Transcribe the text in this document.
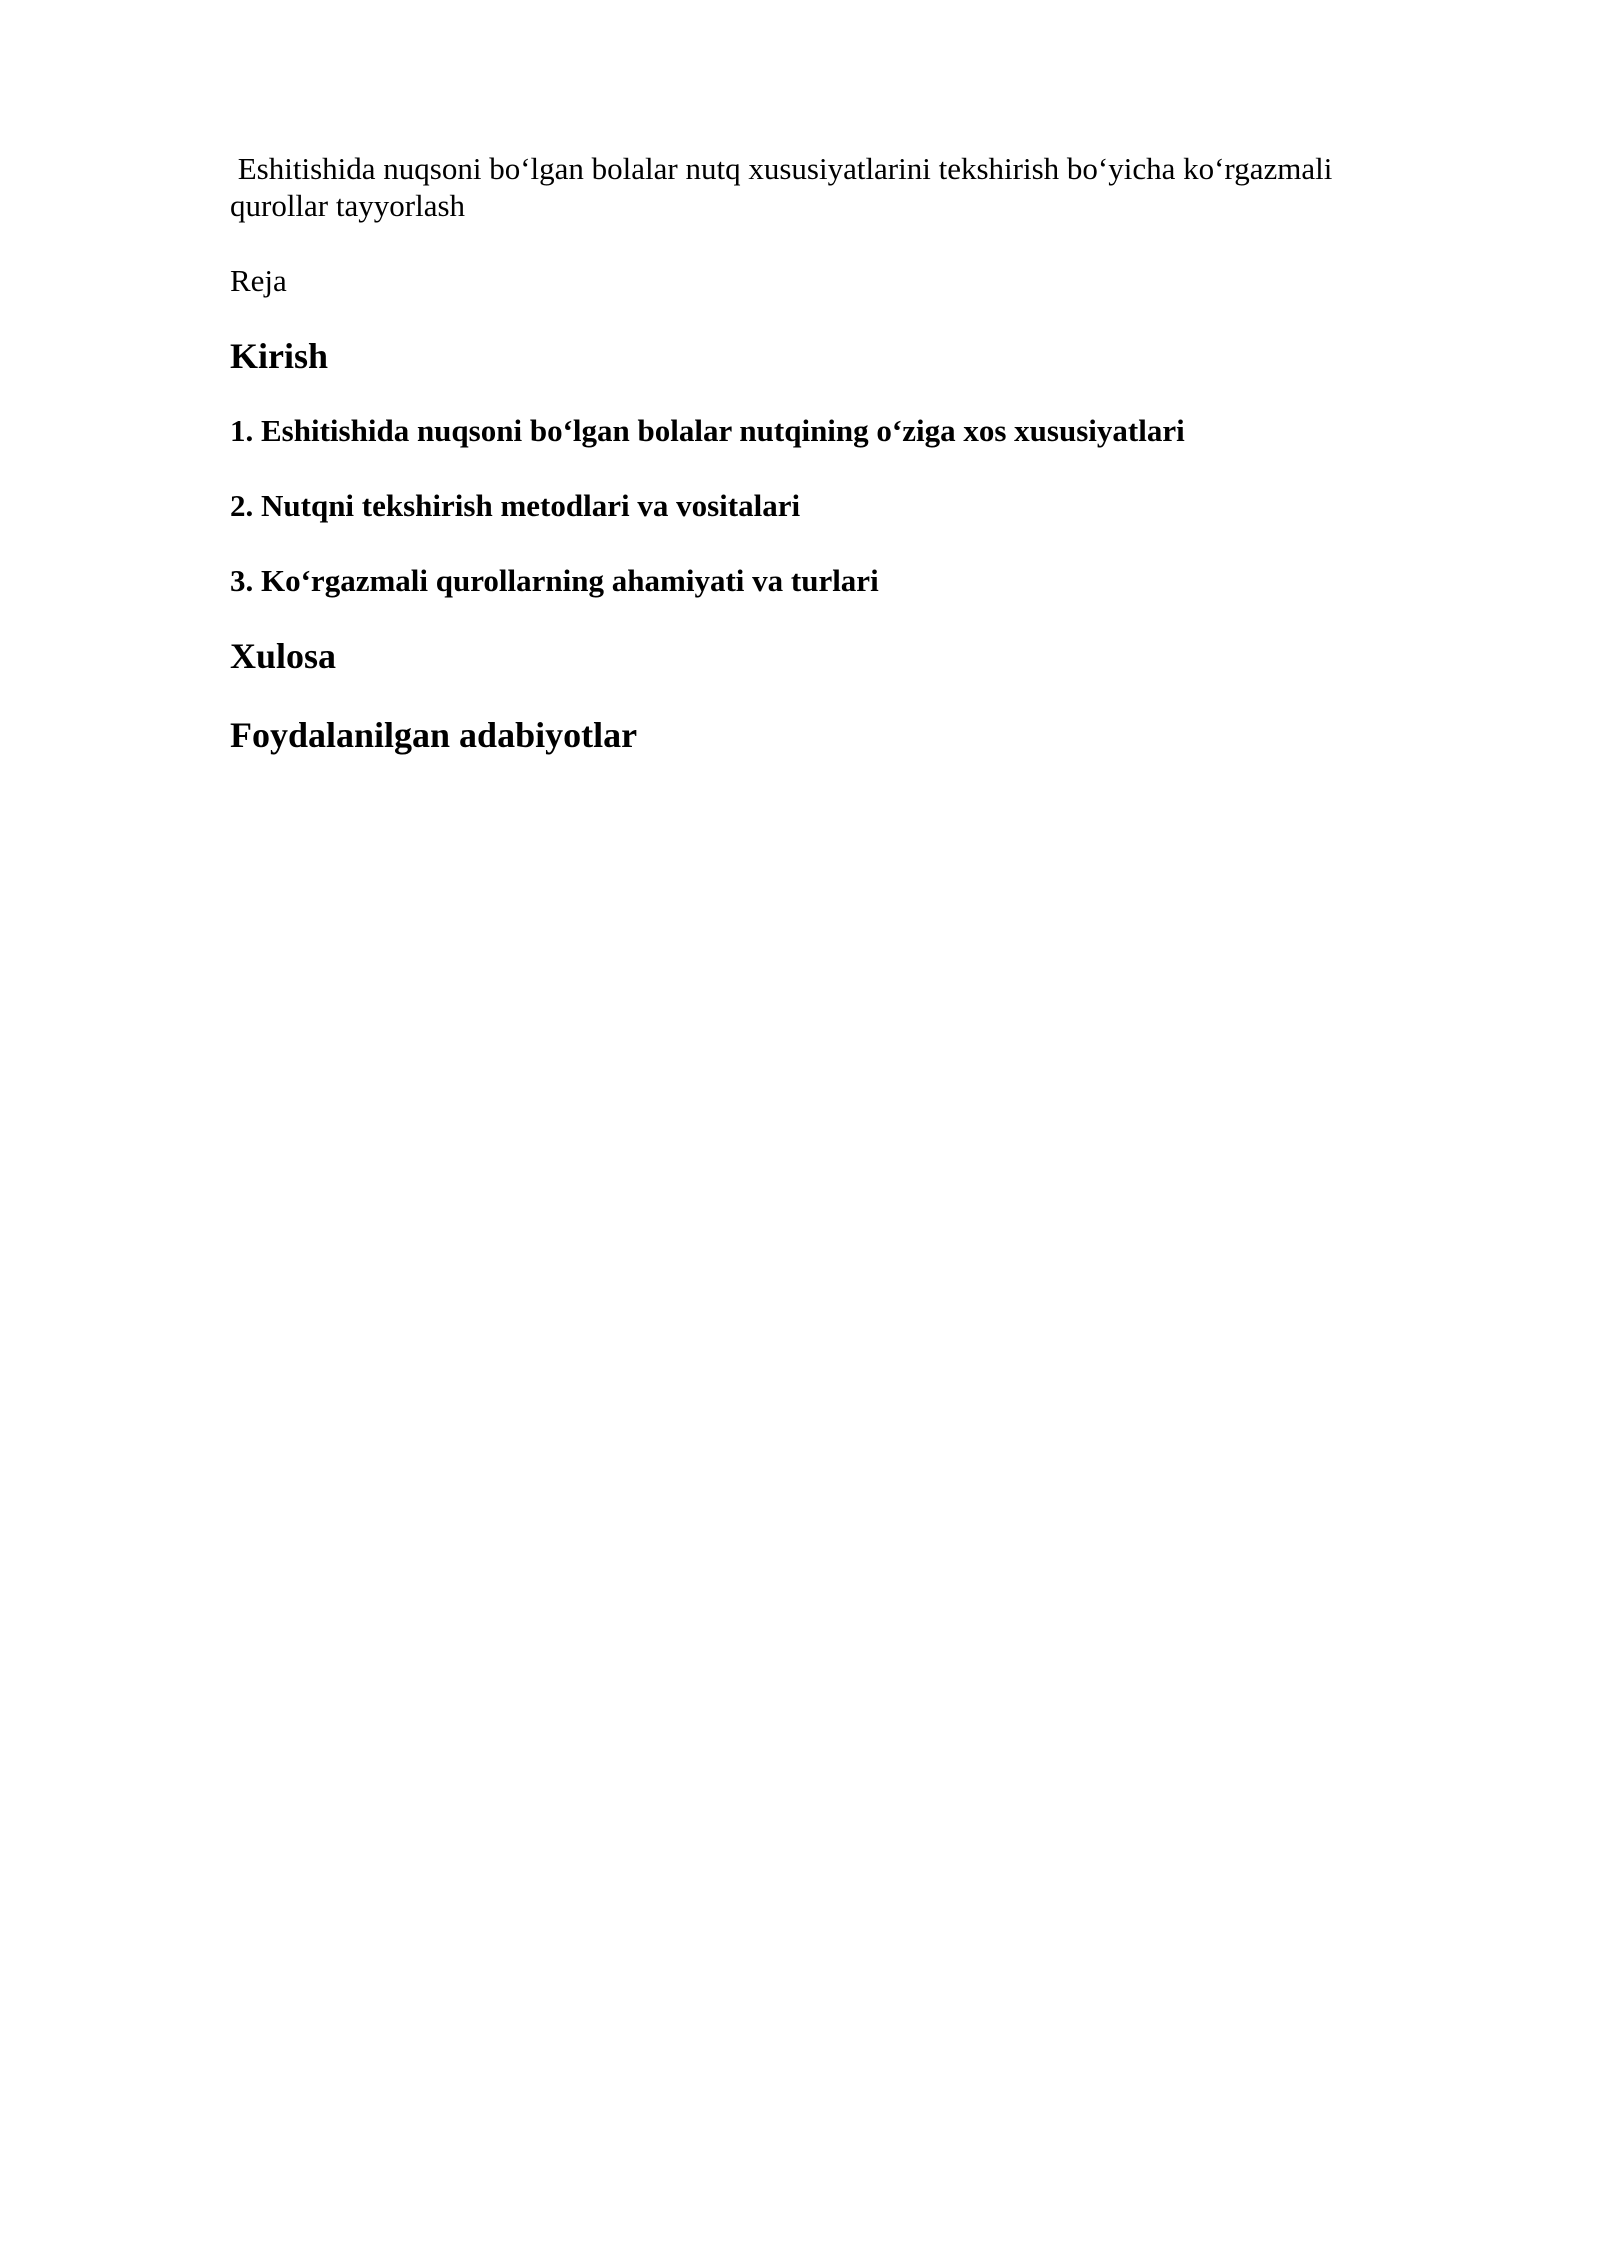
Eshitishida nuqsoni bo‘lgan bolalar nutq xususiyatlarini tekshirish bo‘yicha ko‘rgazmali qurollar tayyorlash

Reja

Kirish
1. Eshitishida nuqsoni bo‘lgan bolalar nutqining o‘ziga xos xususiyatlari
2. Nutqni tekshirish metodlari va vositalari
3. Ko‘rgazmali qurollarning ahamiyati va turlari
Xulosa
Foydalanilgan adabiyotlar
